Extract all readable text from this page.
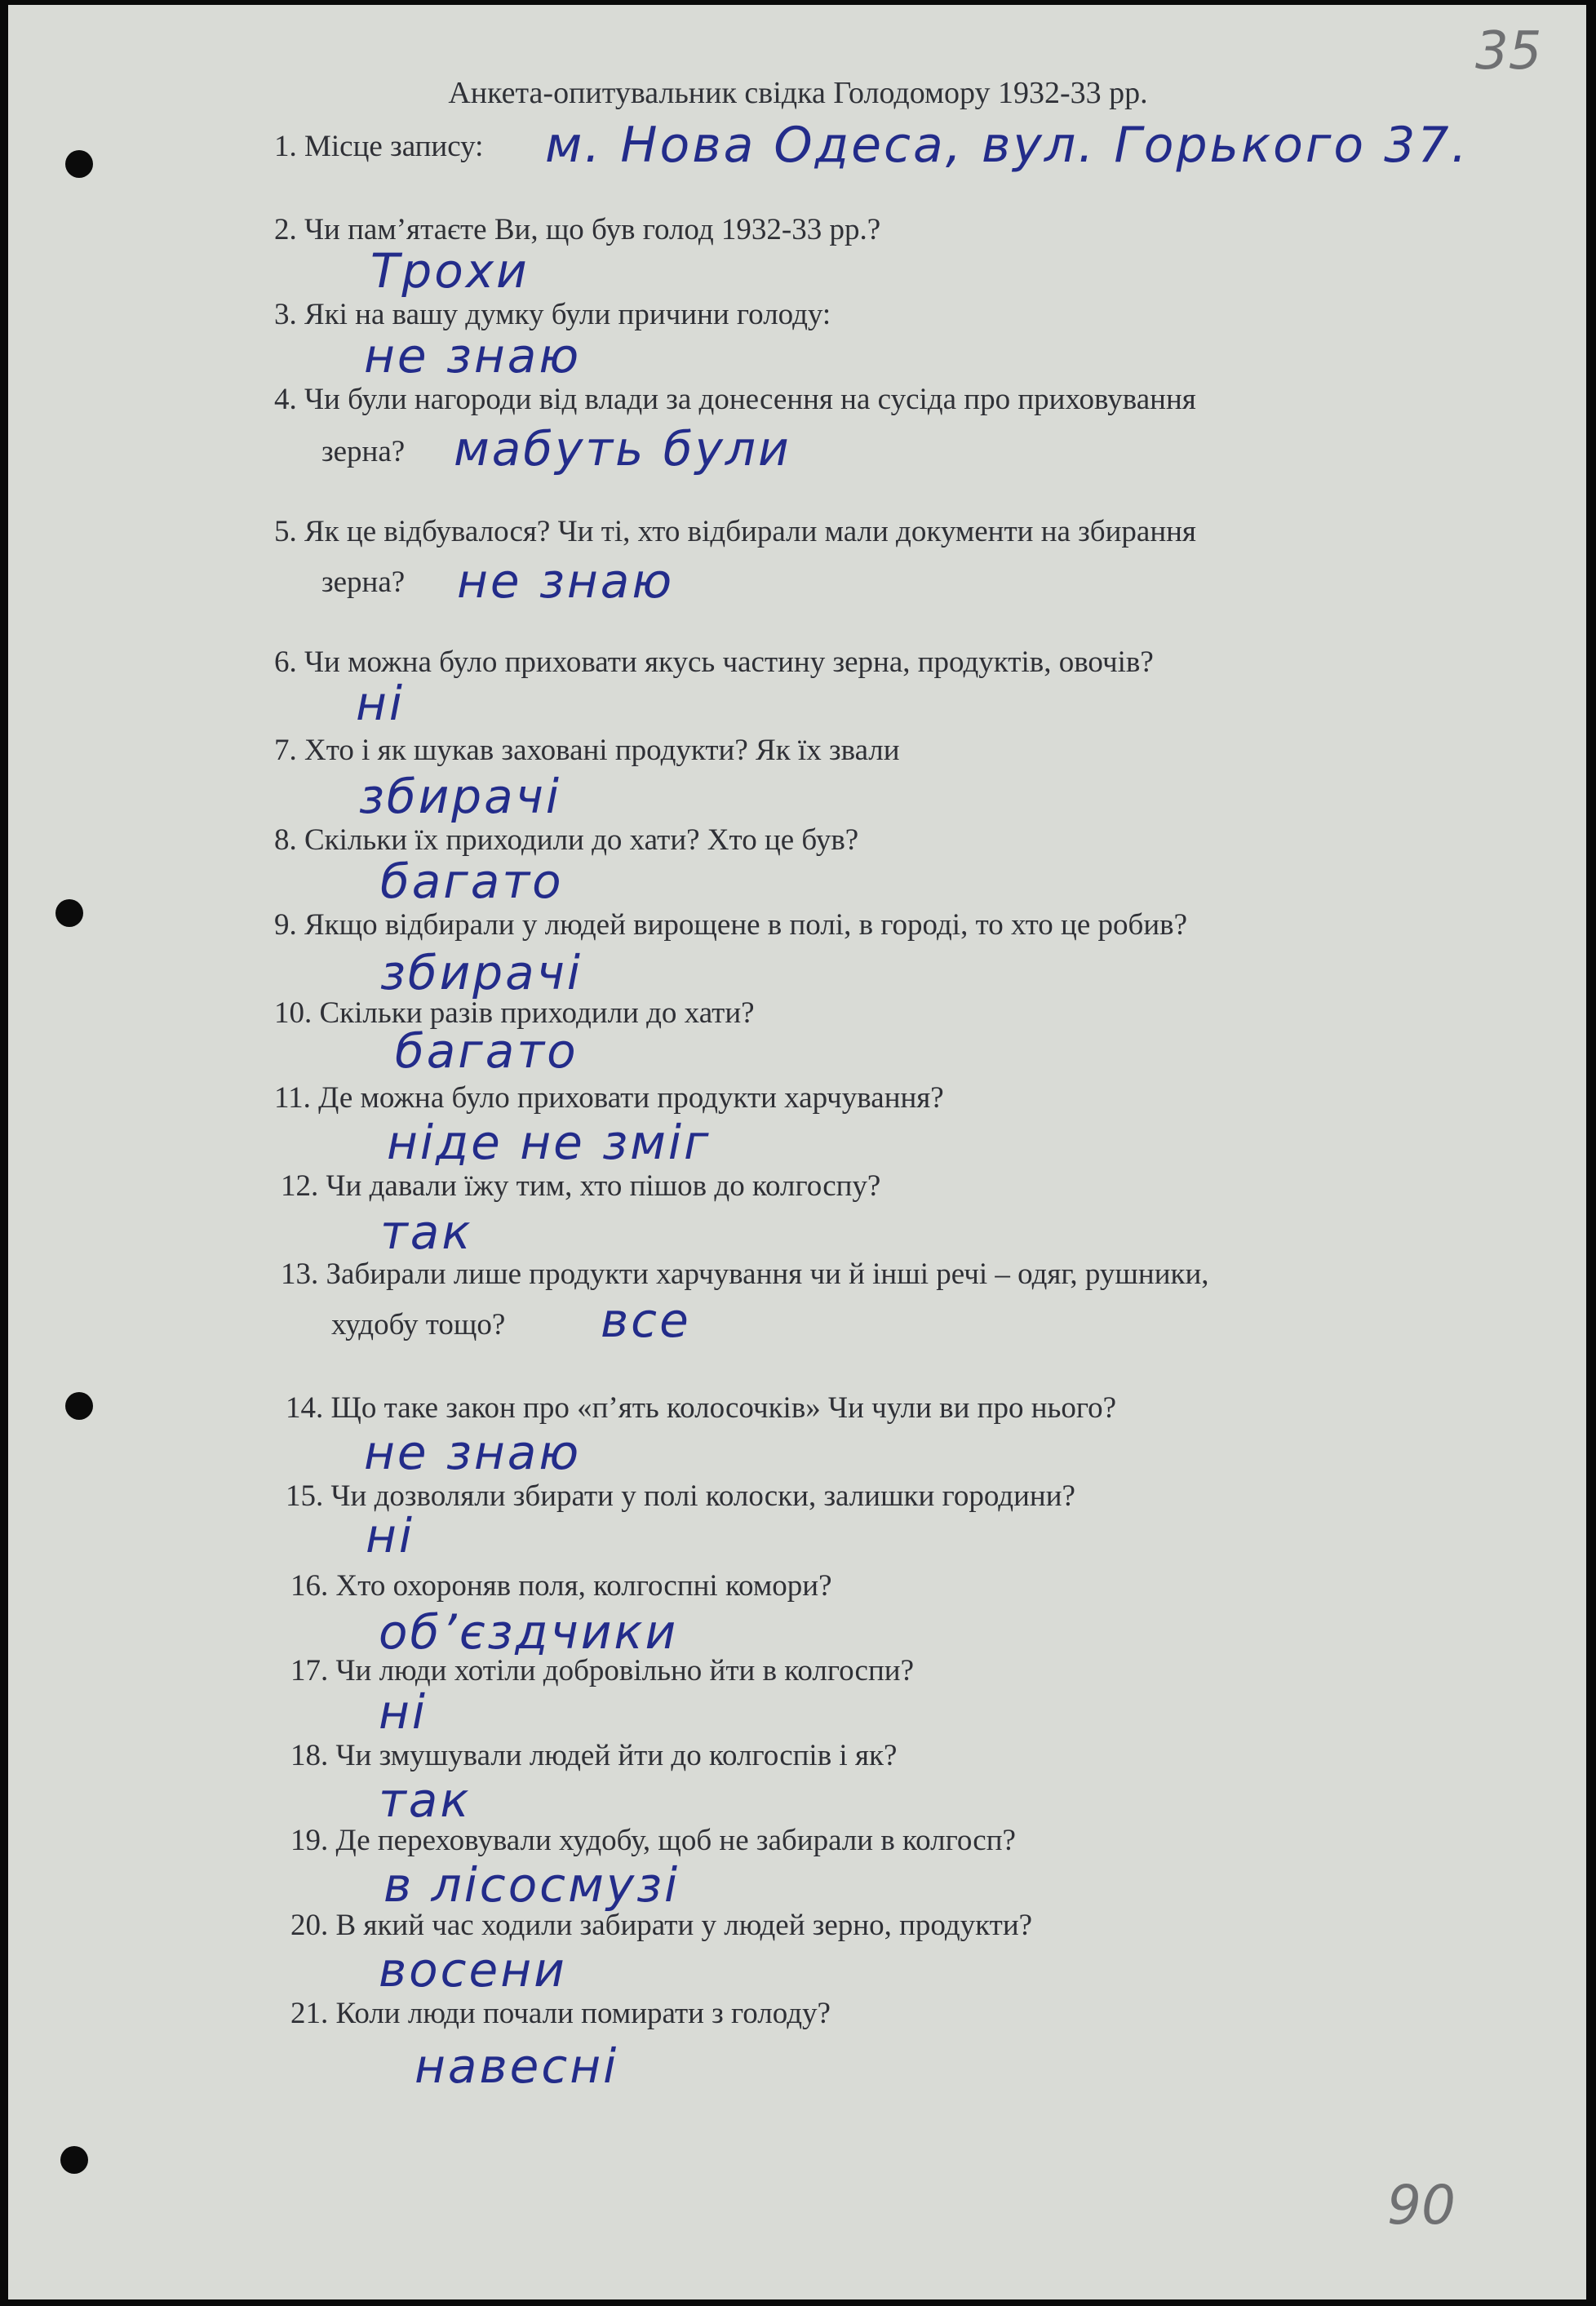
35
90
Анкета-опитувальник свідка Голодомору 1932-33 рр.
1. Місце запису: м. Нова Одеса, вул. Горького 37.
2. Чи пам’ятаєте Ви, що був голод 1932-33 рр.?
Трохи
3. Які на вашу думку були причини голоду:
не знаю
4. Чи були нагороди від влади за донесення на сусіда про приховування
зерна? мабуть були
5. Як це відбувалося? Чи ті, хто відбирали мали документи на збирання
зерна? не знаю
6. Чи можна було приховати якусь частину зерна, продуктів, овочів?
ні
7. Хто і як шукав заховані продукти? Як їх звали
збирачі
8. Скільки їх приходили до хати? Хто це був?
багато
9. Якщо відбирали у людей вирощене в полі, в городі, то хто це робив?
збирачі
10. Скільки разів приходили до хати?
багато
11. Де можна було приховати продукти харчування?
ніде не зміг
12. Чи давали їжу тим, хто пішов до колгоспу?
так
13. Забирали лише продукти харчування чи й інші речі – одяг, рушники,
худобу тощо? все
14. Що таке закон про «п’ять колосочків» Чи чули ви про нього?
не знаю
15. Чи дозволяли збирати у полі колоски, залишки городини?
ні
16. Хто охороняв поля, колгоспні комори?
об’єздчики
17. Чи люди хотіли добровільно йти в колгоспи?
ні
18. Чи змушували людей йти до колгоспів і як?
так
19. Де переховували худобу, щоб не забирали в колгосп?
в лісосмузі
20. В який час ходили забирати у людей зерно, продукти?
восени
21. Коли люди почали помирати з голоду?
навесні
